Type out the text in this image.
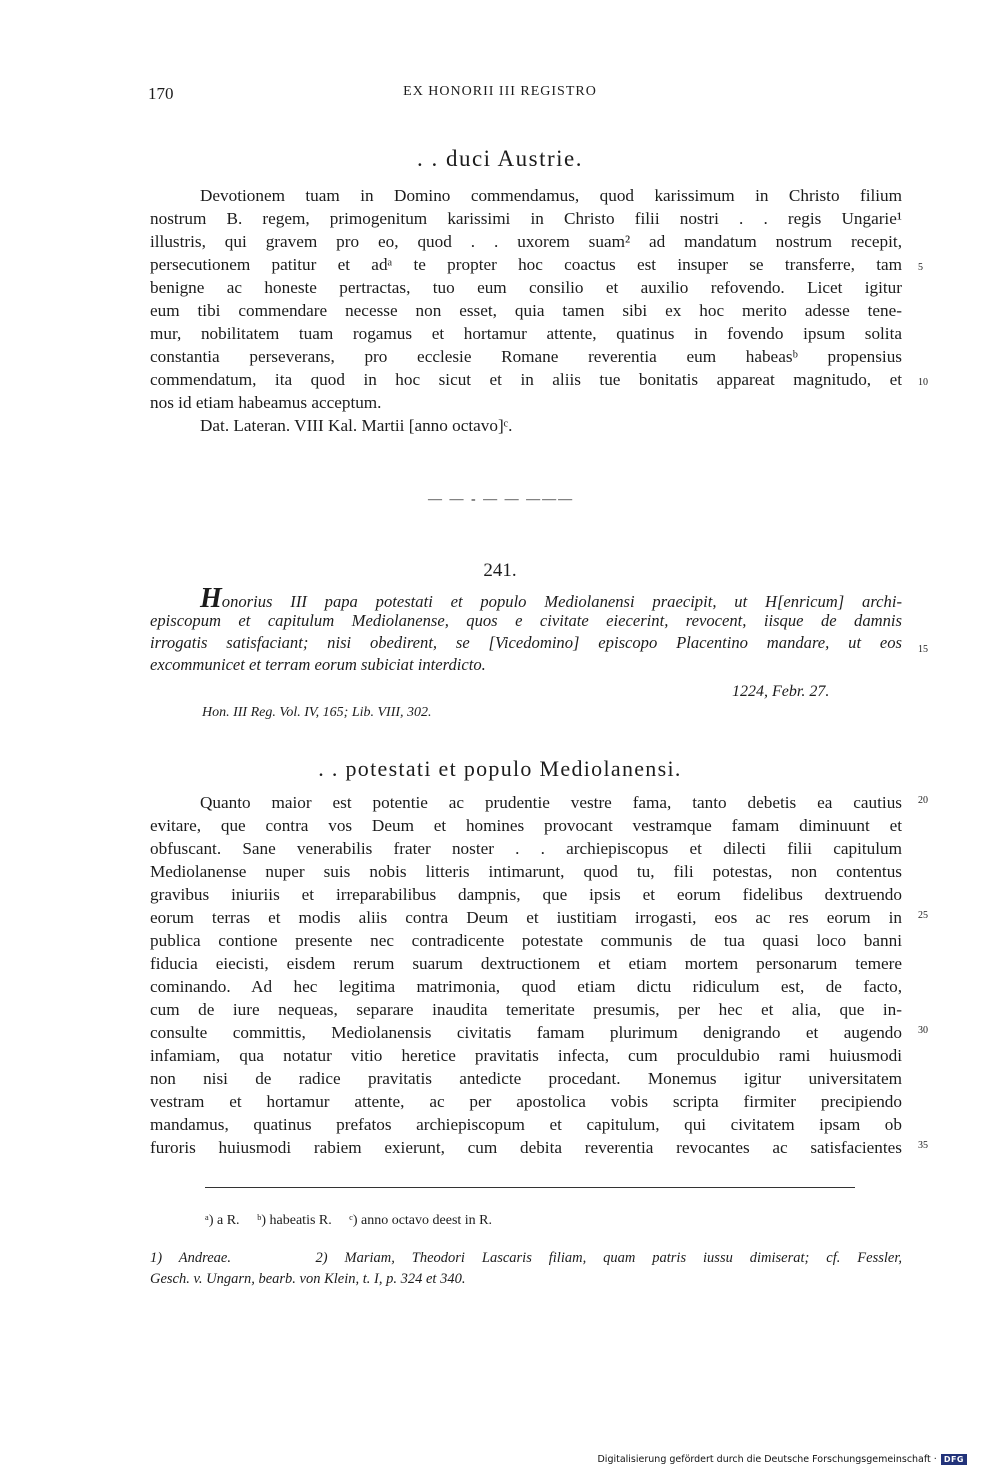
170	EX HONORII III REGISTRO
. . duci Austrie.
Devotionem tuam in Domino commendamus, quod karissimum in Christo filium
nostrum B. regem, primogenitum karissimi in Christo filii nostri . . regis Ungarie¹
illustris, qui gravem pro eo, quod . . uxorem suam² ad mandatum nostrum recepit,
persecutionem patitur et adᵃ te propter hoc coactus est insuper se transferre, tam
benigne ac honeste pertractas, tuo eum consilio et auxilio refovendo. Licet igitur
eum tibi commendare necesse non esset, quia tamen sibi ex hoc merito adesse tene-
mur, nobilitatem tuam rogamus et hortamur attente, quatinus in fovendo ipsum solita
constantia perseverans, pro ecclesie Romane reverentia eum habeasᵇ propensius
commendatum, ita quod in hoc sicut et in aliis tue bonitatis appareat magnitudo, et
nos id etiam habeamus acceptum.
Dat. Lateran. VIII Kal. Martii [anno octavo]ᶜ.
5
10
— — - — — ———
241.
Honorius III papa potestati et populo Mediolanensi praecipit, ut H[enricum] archi-
episcopum et capitulum Mediolanense, quos e civitate eiecerint, revocent, iisque de damnis
irrogatis satisfaciant; nisi obedirent, se [Vicedomino] episcopo Placentino mandare, ut eos
excommunicet et terram eorum subiciat interdicto.
15
1224, Febr. 27.
Hon. III Reg. Vol. IV, 165; Lib. VIII, 302.
. . potestati et populo Mediolanensi.
Quanto maior est potentie ac prudentie vestre fama, tanto debetis ea cautius
evitare, que contra vos Deum et homines provocant vestramque famam diminuunt et
obfuscant. Sane venerabilis frater noster . . archiepiscopus et dilecti filii capitulum
Mediolanense nuper suis nobis litteris intimarunt, quod tu, fili potestas, non contentus
gravibus iniuriis et irreparabilibus dampnis, que ipsis et eorum fidelibus dextruendo
eorum terras et modis aliis contra Deum et iustitiam irrogasti, eos ac res eorum in
publica contione presente nec contradicente potestate communis de tua quasi loco banni
fiducia eiecisti, eisdem rerum suarum dextructionem et etiam mortem personarum temere
cominando. Ad hec legitima matrimonia, quod etiam dictu ridiculum est, de facto,
cum de iure nequeas, separare inaudita temeritate presumis, per hec et alia, que in-
consulte committis, Mediolanensis civitatis famam plurimum denigrando et augendo
infamiam, qua notatur vitio heretice pravitatis infecta, cum proculdubio rami huiusmodi
non nisi de radice pravitatis antedicte procedant. Monemus igitur universitatem
vestram et hortamur attente, ac per apostolica vobis scripta firmiter precipiendo
mandamus, quatinus prefatos archiepiscopum et capitulum, qui civitatem ipsam ob
furoris huiusmodi rabiem exierunt, cum debita reverentia revocantes ac satisfacientes
20
25
30
35
ᵃ) a R.     ᵇ) habeatis R.     ᶜ) anno octavo deest in R.
1) Andreae.     2) Mariam, Theodori Lascaris filiam, quam patris iussu dimiserat; cf. Fessler,
Gesch. v. Ungarn, bearb. von Klein, t. I, p. 324 et 340.
Digitalisierung gefördert durch die Deutsche Forschungsgemeinschaft · DFG
